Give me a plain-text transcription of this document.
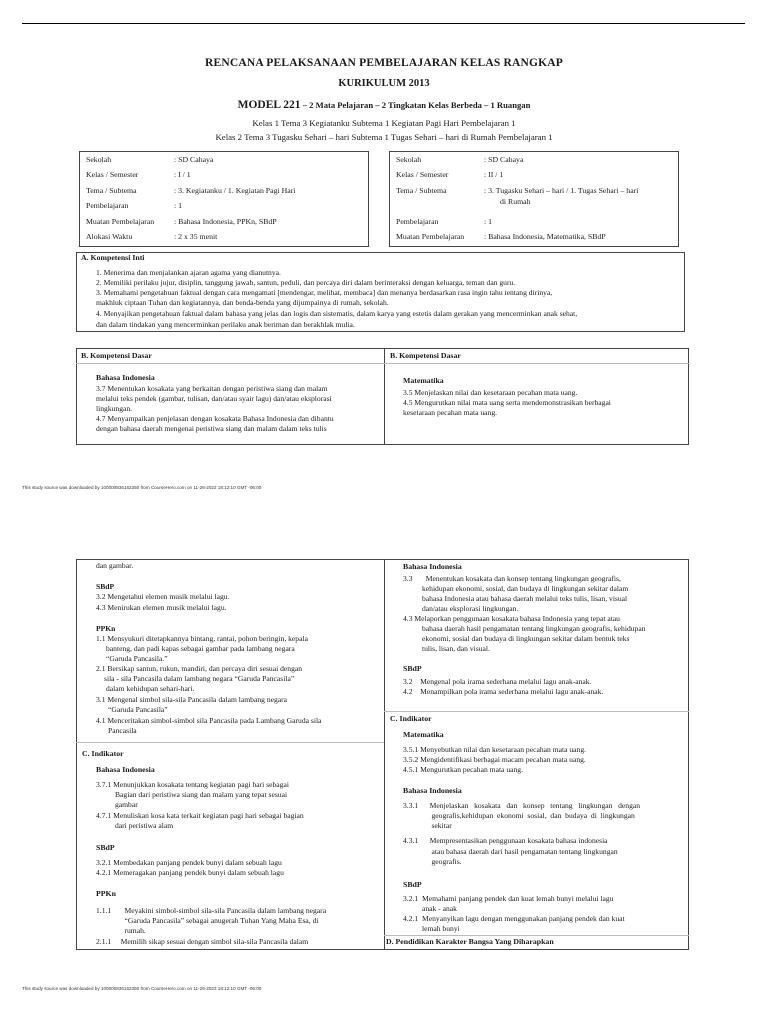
RENCANA PELAKSANAAN PEMBELAJARAN KELAS RANGKAP
KURIKULUM 2013
MODEL 221 – 2 Mata Pelajaran – 2 Tingkatan Kelas Berbeda – 1 Ruangan
Kelas 1 Tema 3 Kegiatanku Subtema 1 Kegiatan Pagi Hari Pembelajaran 1
Kelas 2 Tema 3 Tugasku Sehari – hari Subtema 1 Tugas Sehari – hari di Rumah Pembelajaran 1
Sekolah	: SD Cahaya
Kelas / Semester	: I / 1
Tema / Subtema	: 3. Kegiatanku / 1. Kegiatan Pagi Hari
Pembelajaran	: 1
Muatan Pembelajaran	: Bahasa Indonesia, PPKn, SBdP
Alokasi Waktu	: 2 x 35 menit
Sekolah	: SD Cahaya
Kelas / Semester	: II / 1
Tema / Subtema	: 3. Tugasku Sehari – hari / 1. Tugas Sehari – hari
di Rumah
Pembelajaran	: 1
Muatan Pembelajaran	: Bahasa Indonesia, Matematika, SBdP
A. Kompetensi Inti
1. Menerima dan menjalankan ajaran agama yang dianutnya.
2. Memiliki perilaku jujur, disiplin, tanggung jawab, santun, peduli, dan percaya diri dalam berinteraksi dengan keluarga, teman dan guru.
3. Memahami pengetahuan faktual dengan cara mengamati [mendengar, melihat, membaca] dan menanya berdasarkan rasa ingin tahu tentang dirinya,
makhluk ciptaan Tuhan dan kegiatannya, dan benda-benda yang dijumpainya di rumah, sekolah.
4. Menyajikan pengetahuan faktual dalam bahasa yang jelas dan logis dan sistematis, dalam karya yang estetis dalam gerakan yang mencerminkan anak sehat,
dan dalam tindakan yang mencerminkan perilaku anak beriman dan berakhlak mulia.
B. Kompetensi Dasar
Bahasa Indonesia
3.7 Menentukan kosakata yang berkaitan dengan peristiwa siang dan malam
melalui teks pendek (gambar, tulisan, dan/atau syair lagu) dan/atau eksplorasi
lingkungan.
4.7 Menyampaikan penjelasan dengan kosakata Bahasa Indonesia dan dibantu
dengan bahasa daerah mengenai peristiwa siang dan malam dalam teks tulis
B. Kompetensi Dasar
Matematika
3.5 Menjelaskan nilai dan kesetaraan pecahan mata uang.
4.5 Mengurutkan nilai mata uang serta mendemonstrasikan berbagai
kesetaraan pecahan mata uang.
This study source was downloaded by 100000836162350 from CourseHero.com on 11-26-2022 18:12:10 GMT -06:00
dan gambar.
SBdP
3.2 Mengetahui elemen musik melalui lagu.
4.3 Menirukan elemen musik melalui lagu.
PPKn
1.1 Mensyukuri ditetapkannya bintang, rantai, pohon beringin, kepala
banteng, dan padi kapas sebagai gambar pada lambang negara
“Garuda Pancasila.”
2.1 Bersikap santun, rukun, mandiri, dan percaya diri sesuai dengan
sila - sila Pancasila dalam lambang negara “Garuda Pancasila”
dalam kehidupan sehari-hari.
3.1 Mengenal simbol sila-sila Pancasila dalam lambang negara
“Garuda Pancasila”
4.1 Menceritakan simbol-simbol sila Pancasila pada Lambang Garuda sila
Pancasila
C. Indikator
Bahasa Indonesia
3.7.1 Menunjukkan kosakata tentang kegiatan pagi hari sebagai
Bagian dari peristiwa siang dan malam yang tepat sesuai
gambar
4.7.1 Menuliskan kosa kata terkait kegiatan pagi hari sebagai bagian
dari peristiwa alam
SBdP
3.2.1 Membedakan panjang pendek bunyi dalam sebuah lagu
4.2.1 Memeragakan panjang pendek bunyi dalam sebuah lagu
PPKn
1.1.1       Meyakini simbol-simbol sila-sila Pancasila dalam lambang negara
“Garuda Pancasila” sebagai anugerah Tuhan Yang Maha Esa, di
rumah.
2.1.1     Memilih sikap sesuai dengan simbol sila-sila Pancasila dalam
Bahasa Indonesia
3.3       Menentukan kosakata dan konsep tentang lingkungan geografis,
kehidupan ekonomi, sosial, dan budaya di lingkungan sekitar dalam
bahasa Indonesia atau bahasa daerah melalui teks tulis, lisan, visual
dan/atau eksplorasi lingkungan.
4.3 Melaporkan penggunaan kosakata bahasa Indonesia yang tepat atau
bahasa daerah hasil pengamatan tentang lingkungan geografis, kehidupan
ekonomi, sosial dan budaya di lingkungan sekitar dalam bentuk teks
tulis, lisan, dan visual.
SBdP
3.2    Mengenal pola irama sederhana melalui lagu anak-anak.
4.2    Menampilkan pola irama sederhana melalui lagu anak-anak.
C. Indikator
Matematika
3.5.1 Menyebutkan nilai dan kesetaraan pecahan mata uang.
3.5.2 Mengidentifikasi berbagai macam pecahan mata uang.
4.5.1 Mengurutkan pecahan mata uang.
Bahasa Indonesia
3.3.1      Menjelaskan   kosakata   dan   konsep   tentang   lingkungan   dengan
geografis,kehidupan  ekonomi  sosial,  dan  budaya  di  lingkungan
sekitar
4.3.1      Mempresentasikan penggunaan kosakata bahasa indonesia
atau bahasa daerah dari hasil pengamatan tentang lingkungan
geografis.
SBdP
3.2.1  Memahami panjang pendek dan kuat lemah bunyi melalui lagu
anak - anak
4.2.1  Menyanyikan lagu dengan menggunakan panjang pendek dan kuat
lemah bunyi
D. Pendidikan Karakter Bangsa Yang Diharapkan
This study source was downloaded by 100000836162350 from CourseHero.com on 11-26-2022 18:12:10 GMT -06:00
